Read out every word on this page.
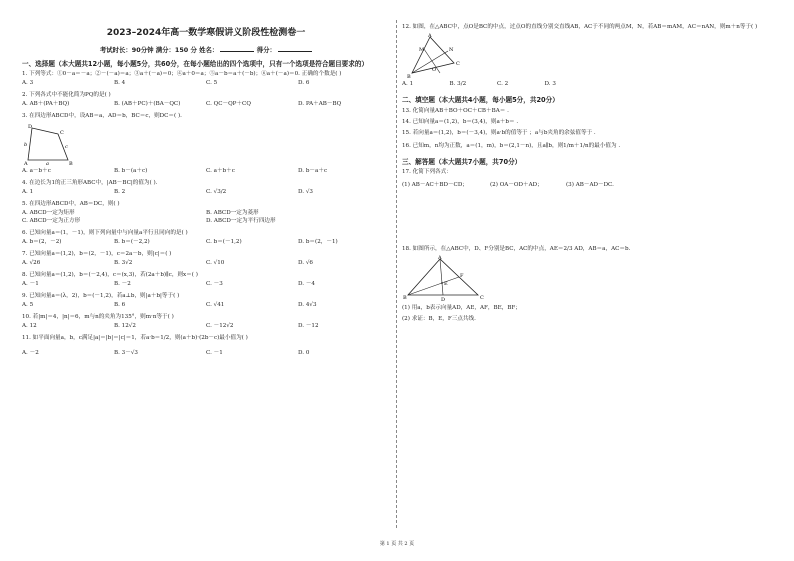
2023–2024年高一数学寒假讲义阶段性检测卷一
考试时长：90分钟 满分：150 分 姓名：	得分：
一、选择题（本大题共12小题，每小题5分，共60分，在每小题给出的四个选项中，只有一个选项是符合题目要求的）
1. 下列等式：①0－a＝－a；②－(－a)＝a；③a＋(－a)＝0；④a＋0＝a；⑤a－b＝a＋(－b)；⑥a＋(－a)＝0. 正确的个数是( )
A. 3	B. 4	C. 5	D. 6
2. 下列各式中不能化简为PQ的是( )
A. AB＋(PA＋BQ)	B. (AB＋PC)＋(BA－QC)	C. QC－QP＋CQ	D. PA＋AB－BQ
3. 在四边形ABCD中，设AB＝a，AD＝b，BC＝c，则DC＝( ).
D
C
A	B
a
b	c
A. a－b＋c	B. b－(a＋c)	C. a＋b＋c	D. b－a＋c
4. 在边长为1的正三角形ABC中，|AB－BC|的值为( ).
A. 1	B. 2	C. √3/2	D. √3
5. 在四边形ABCD中，AB＝DC，则( )
A. ABCD一定为矩形	B. ABCD一定为菱形
C. ABCD一定为正方形	D. ABCD一定为平行四边形
6. 已知向量a＝(1，－1)，则下列向量中与向量a平行且同向的是( )
A. b＝(2，－2)	B. b＝(－2,2)	C. b＝(－1,2)	D. b＝(2，－1)
7. 已知向量a＝(1,2)，b＝(2，－1)，c＝2a－b，则|c|＝( )
A. √26	B. 3√2	C. √10	D. √6
8. 已知向量a＝(1,2)，b＝(－2,4)，c＝(x,3)，若(2a＋b)∥c，则x＝( )
A. －1	B. －2	C. －3	D. －4
9. 已知向量a＝(λ，2)，b＝(－1,2)，若a⊥b，则|a＋b|等于( )
A. 5	B. 6	C. √41	D. 4√3
10. 若|m|＝4，|n|＝6，m与n的夹角为135°，则m·n等于( )
A. 12	B. 12√2	C. －12√2	D. －12
11. 如平面向量a，b，c满足|a|＝|b|＝|c|＝1，若a·b＝1/2，则(a＋b)·(2b－c)最小值为( )
A. －2	B. 3－√3	C. －1	D. 0
12. 如图，在△ABC中，点O是BC的中点，过点O的直线分别交直线AB，AC于不同的两点M，N，若AB＝mAM，AC＝nAN，则m＋n等于( )
A
M	N
O
B
C
A. 1	B. 3/2	C. 2	D. 3
二、填空题（本大题共4小题，每小题5分，共20分）
13. 化简向量AB＋BO＋OC＋CB＋BA＝ .
14. 已知向量a＝(1,2)，b＝(3,4)，则a＋b＝ .
15. 若向量a＝(1,2)，b＝(－3,4)，则a·b的值等于 ；a与b夹角的余弦值等于 .
16. 已知m，n均为正数，a＝(1，m)，b＝(2,1－n)，且a∥b，则1/m＋1/n的最小值为 .
三、解答题（本大题共7小题，共70分）
17. 化简下列各式：
(1) AB－AC＋BD－CD；	(2) OA－OD＋AD；	(3) AB－AD－DC.
18. 如图所示，在△ABC中，D、F分别是BC，AC的中点，AE＝2/3 AD，AB＝a，AC＝b.
A
F
E
B	D	C
(1) 用a，b表示向量AD，AE，AF，BE，BF；
(2) 求证：B，E，F三点共线.
第 1 页 共 2 页
